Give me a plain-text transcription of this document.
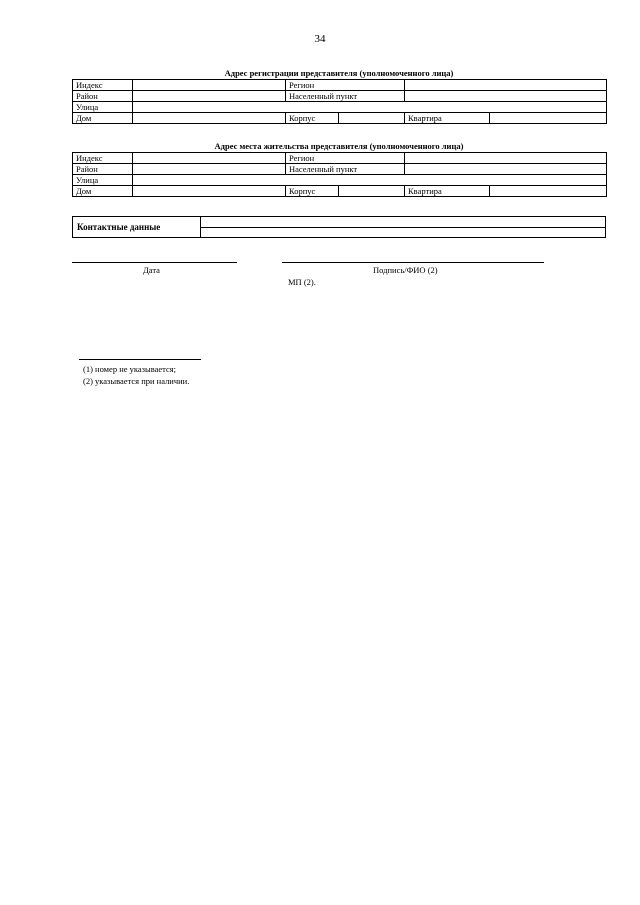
34
Адрес регистрации представителя (уполномоченного лица)
Индекс		Регион			
Район		Населенный пункт			
Улица					
Дом		Корпус		Квартира	
Адрес места жительства представителя (уполномоченного лица)
Индекс		Регион			
Район		Населенный пункт			
Улица					
Дом		Корпус		Квартира	
Контактные данные
Дата	Подпись/ФИО (2)
МП (2).
(1) номер не указывается;
(2) указывается при наличии.
